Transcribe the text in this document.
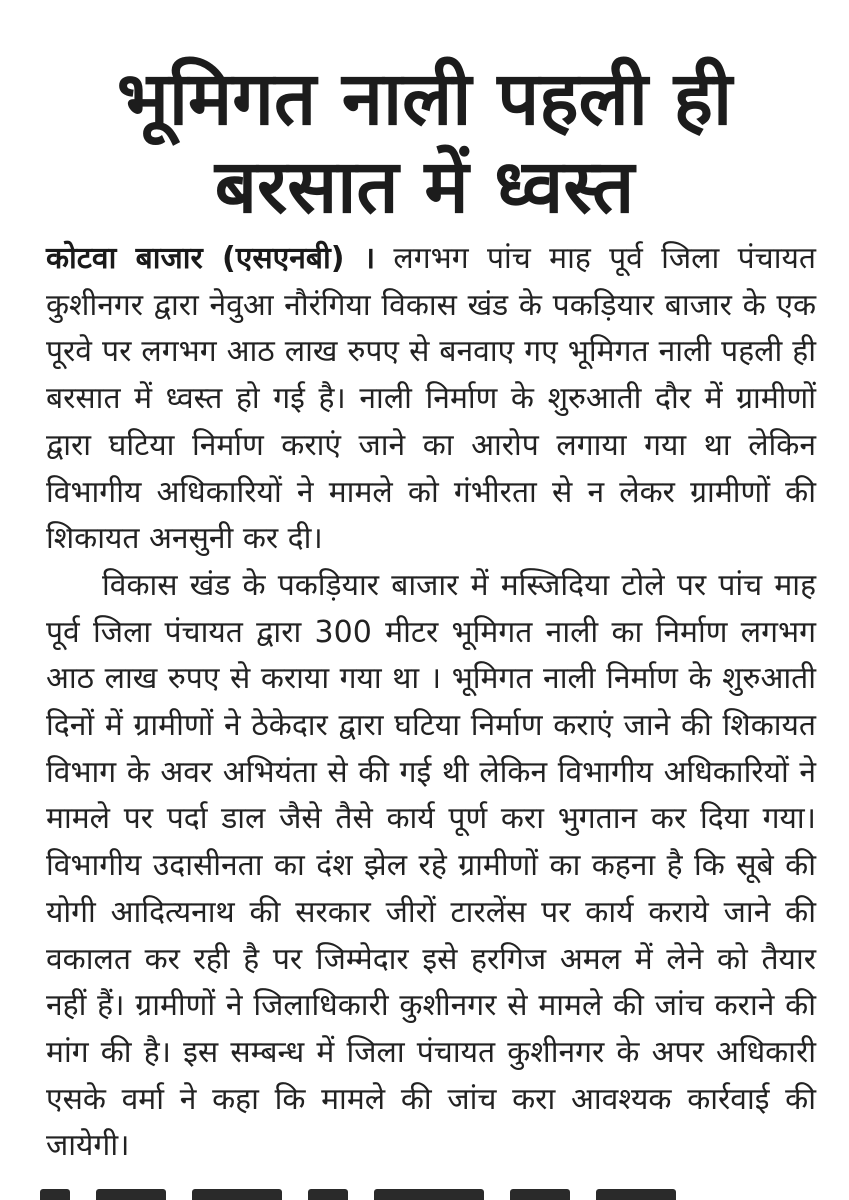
भूमिगत नाली पहली ही
बरसात में ध्वस्त

कोटवा बाजार (एसएनबी) । लगभग पांच माह पूर्व जिला पंचायत कुशीनगर द्वारा नेवुआ नौरंगिया विकास खंड के पकड़ियार बाजार के एक पूरवे पर लगभग आठ लाख रुपए से बनवाए गए भूमिगत नाली पहली ही बरसात में ध्वस्त हो गई है। नाली निर्माण के शुरुआती दौर में ग्रामीणों द्वारा घटिया निर्माण कराएं जाने का आरोप लगाया गया था लेकिन विभागीय अधिकारियों ने मामले को गंभीरता से न लेकर ग्रामीणों की शिकायत अनसुनी कर दी।

विकास खंड के पकड़ियार बाजार में मस्जिदिया टोले पर पांच माह पूर्व जिला पंचायत द्वारा 300 मीटर भूमिगत नाली का निर्माण लगभग आठ लाख रुपए से कराया गया था । भूमिगत नाली निर्माण के शुरुआती दिनों में ग्रामीणों ने ठेकेदार द्वारा घटिया निर्माण कराएं जाने की शिकायत विभाग के अवर अभियंता से की गई थी लेकिन विभागीय अधिकारियों ने मामले पर पर्दा डाल जैसे तैसे कार्य पूर्ण करा भुगतान कर दिया गया। विभागीय उदासीनता का दंश झेल रहे ग्रामीणों का कहना है कि सूबे की योगी आदित्यनाथ की सरकार जीरों टारलेंस पर कार्य कराये जाने की वकालत कर रही है पर जिम्मेदार इसे हरगिज अमल में लेने को तैयार नहीं हैं। ग्रामीणों ने जिलाधिकारी कुशीनगर से मामले की जांच कराने की मांग की है। इस सम्बन्ध में जिला पंचायत कुशीनगर के अपर अधिकारी एसके वर्मा ने कहा कि मामले की जांच करा आवश्यक कार्रवाई की जायेगी।
